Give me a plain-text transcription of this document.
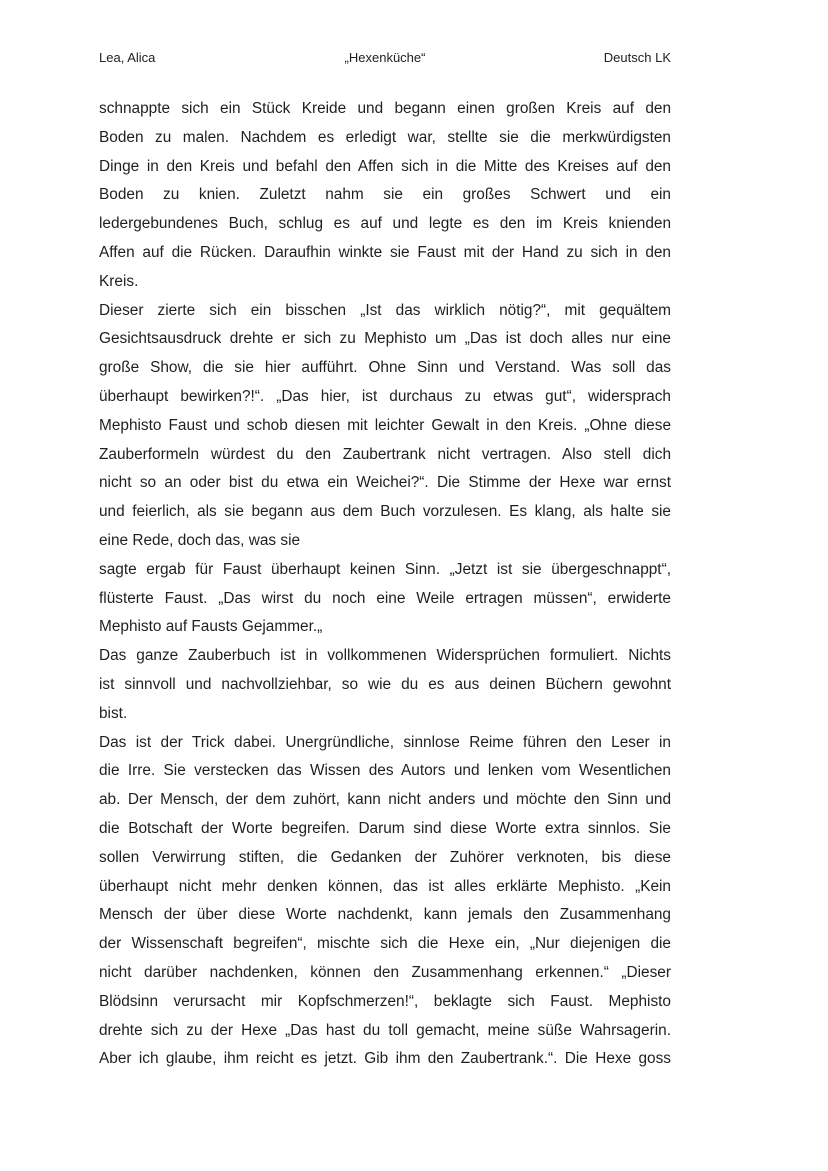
Lea, Alica	„Hexenküche“	Deutsch LK
schnappte sich ein Stück Kreide und begann einen großen Kreis auf den
Boden zu malen. Nachdem es erledigt war, stellte sie die merkwürdigsten
Dinge in den Kreis und befahl den Affen sich in die Mitte des Kreises auf den
Boden zu knien. Zuletzt nahm sie ein großes Schwert und ein
ledergebundenes Buch, schlug es auf und legte es den im Kreis knienden
Affen auf die Rücken. Daraufhin winkte sie Faust mit der Hand zu sich in den
Kreis.
Dieser zierte sich ein bisschen „Ist das wirklich nötig?“, mit gequältem
Gesichtsausdruck drehte er sich zu Mephisto um „Das ist doch alles nur eine
große Show, die sie hier aufführt. Ohne Sinn und Verstand. Was soll das
überhaupt bewirken?!“. „Das hier, ist durchaus zu etwas gut“, widersprach
Mephisto Faust und schob diesen mit leichter Gewalt in den Kreis. „Ohne diese
Zauberformeln würdest du den Zaubertrank nicht vertragen. Also stell dich
nicht so an oder bist du etwa ein Weichei?“. Die Stimme der Hexe war ernst
und feierlich, als sie begann aus dem Buch vorzulesen. Es klang, als halte sie
eine Rede, doch das, was sie
sagte ergab für Faust überhaupt keinen Sinn. „Jetzt ist sie übergeschnappt“,
flüsterte Faust. „Das wirst du noch eine Weile ertragen müssen“, erwiderte
Mephisto auf Fausts Gejammer.„
Das ganze Zauberbuch ist in vollkommenen Widersprüchen formuliert. Nichts
ist sinnvoll und nachvollziehbar, so wie du es aus deinen Büchern gewohnt
bist.
Das ist der Trick dabei. Unergründliche, sinnlose Reime führen den Leser in
die Irre. Sie verstecken das Wissen des Autors und lenken vom Wesentlichen
ab. Der Mensch, der dem zuhört, kann nicht anders und möchte den Sinn und
die Botschaft der Worte begreifen. Darum sind diese Worte extra sinnlos. Sie
sollen Verwirrung stiften, die Gedanken der Zuhörer verknoten, bis diese
überhaupt nicht mehr denken können, das ist alles erklärte Mephisto. „Kein
Mensch der über diese Worte nachdenkt, kann jemals den Zusammenhang
der Wissenschaft begreifen“, mischte sich die Hexe ein, „Nur diejenigen die
nicht darüber nachdenken, können den Zusammenhang erkennen.“ „Dieser
Blödsinn verursacht mir Kopfschmerzen!“, beklagte sich Faust. Mephisto
drehte sich zu der Hexe „Das hast du toll gemacht, meine süße Wahrsagerin.
Aber ich glaube, ihm reicht es jetzt. Gib ihm den Zaubertrank.“. Die Hexe goss
